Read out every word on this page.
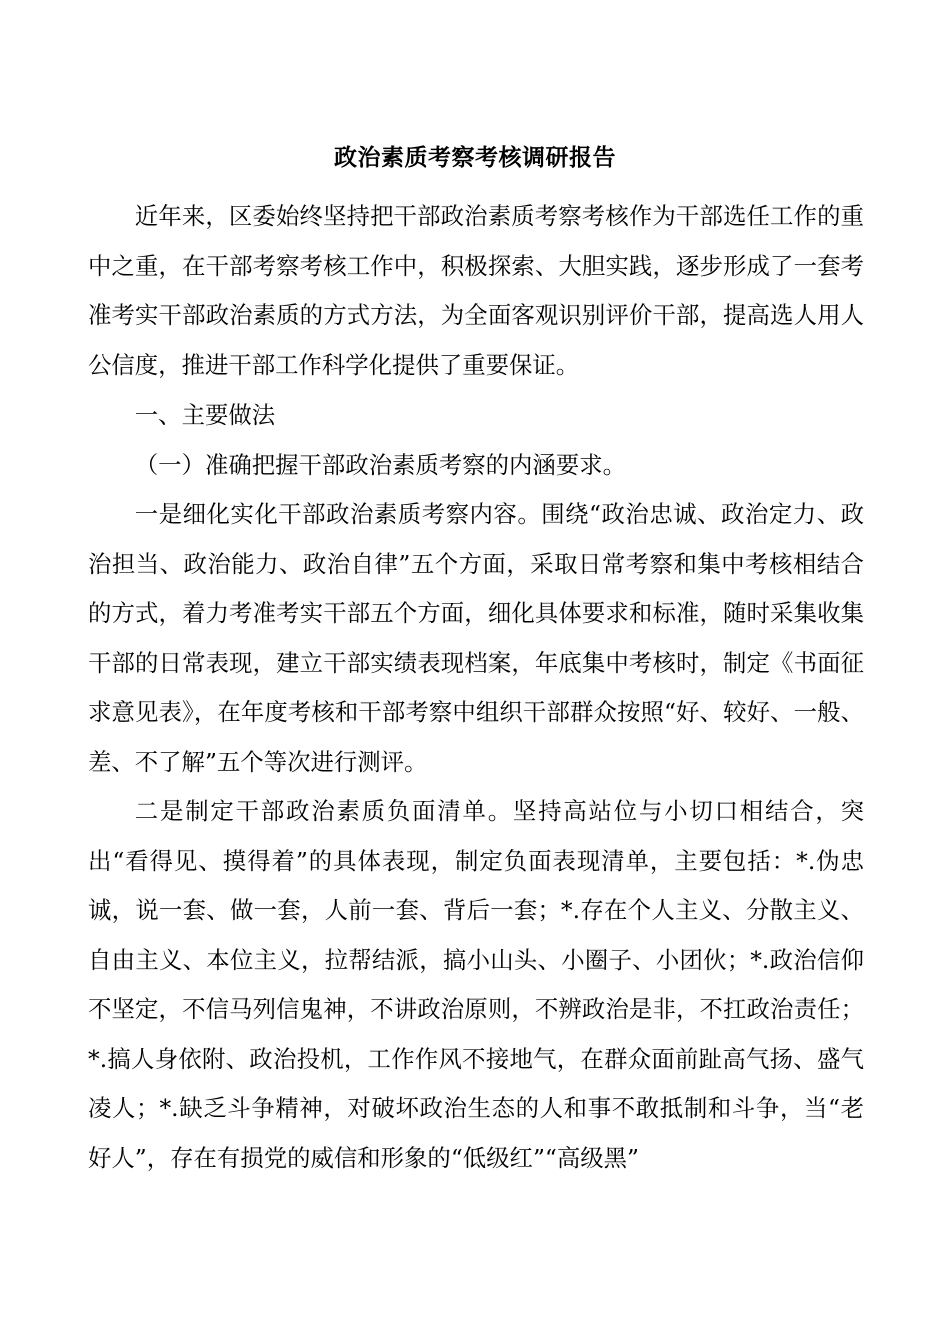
政治素质考察考核调研报告

近年来，区委始终坚持把干部政治素质考察考核作为干部选任工作的重中之重，在干部考察考核工作中，积极探索、大胆实践，逐步形成了一套考准考实干部政治素质的方式方法，为全面客观识别评价干部，提高选人用人公信度，推进干部工作科学化提供了重要保证。

一、主要做法

（一）准确把握干部政治素质考察的内涵要求。

一是细化实化干部政治素质考察内容。围绕“政治忠诚、政治定力、政治担当、政治能力、政治自律”五个方面，采取日常考察和集中考核相结合的方式，着力考准考实干部五个方面，细化具体要求和标准，随时采集收集干部的日常表现，建立干部实绩表现档案，年底集中考核时，制定《书面征求意见表》，在年度考核和干部考察中组织干部群众按照“好、较好、一般、差、不了解”五个等次进行测评。

二是制定干部政治素质负面清单。坚持高站位与小切口相结合，突出“看得见、摸得着”的具体表现，制定负面表现清单，主要包括：*.伪忠诚，说一套、做一套，人前一套、背后一套；*.存在个人主义、分散主义、自由主义、本位主义，拉帮结派，搞小山头、小圈子、小团伙；*.政治信仰不坚定，不信马列信鬼神，不讲政治原则，不辨政治是非，不扛政治责任；*.搞人身依附、政治投机，工作作风不接地气，在群众面前趾高气扬、盛气凌人；*.缺乏斗争精神，对破坏政治生态的人和事不敢抵制和斗争，当“老好人”，存在有损党的威信和形象的“低级红”“高级黑”
